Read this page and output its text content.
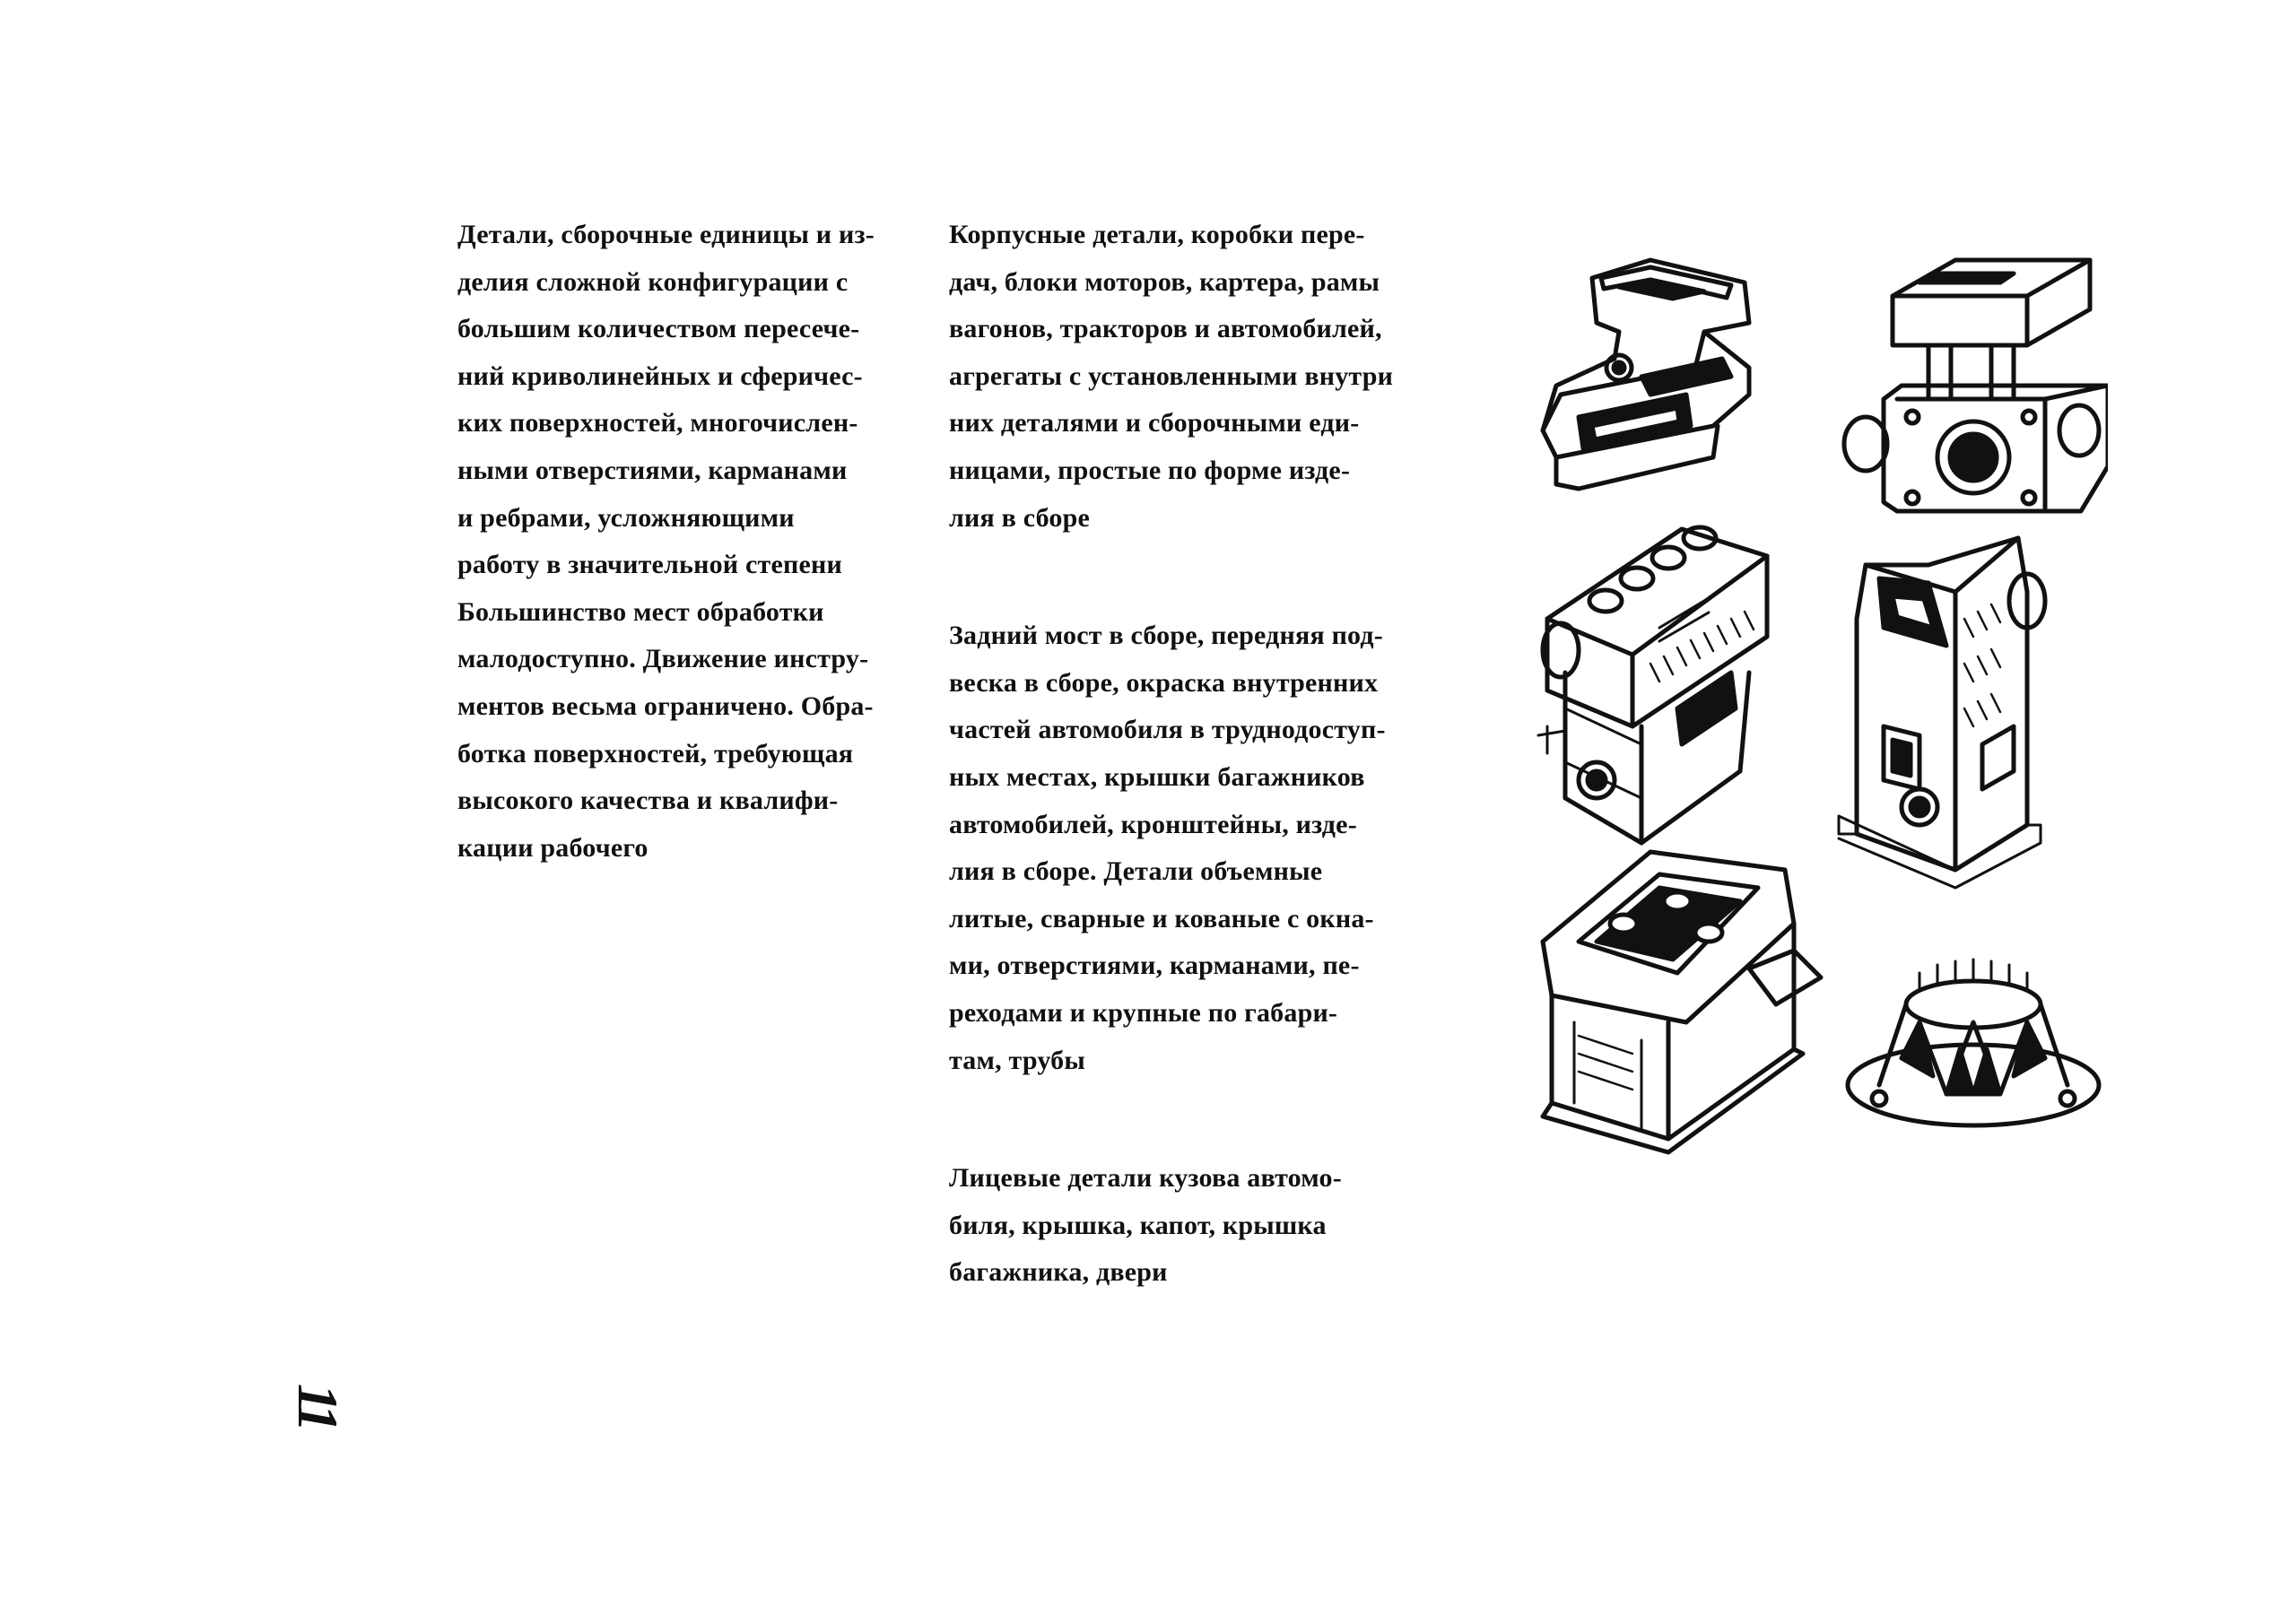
Детали, сборочные единицы и из-
делия сложной конфигурации с
большим количеством пересече-
ний криволинейных и сферичес-
ких поверхностей, многочислен-
ными отверстиями, карманами
и ребрами, усложняющими
работу в значительной степени
Большинство мест обработки
малодоступно. Движение инстру-
ментов весьма ограничено. Обра-
ботка поверхностей, требующая
высокого качества и квалифи-
кации рабочего
Корпусные детали, коробки пере-
дач, блоки моторов, картера, рамы
вагонов, тракторов и автомобилей,
агрегаты с установленными внутри
них деталями и сборочными еди-
ницами, простые по форме изде-
лия в сборе
Задний мост в сборе, передняя под-
веска в сборе, окраска внутренних
частей автомобиля в труднодоступ-
ных местах, крышки багажников
автомобилей, кронштейны, изде-
лия в сборе. Детали объемные
литые, сварные и кованые с окна-
ми, отверстиями, карманами, пе-
реходами и крупные по габари-
там, трубы
Лицевые детали кузова автомо-
биля, крышка, капот, крышка
багажника, двери
11
